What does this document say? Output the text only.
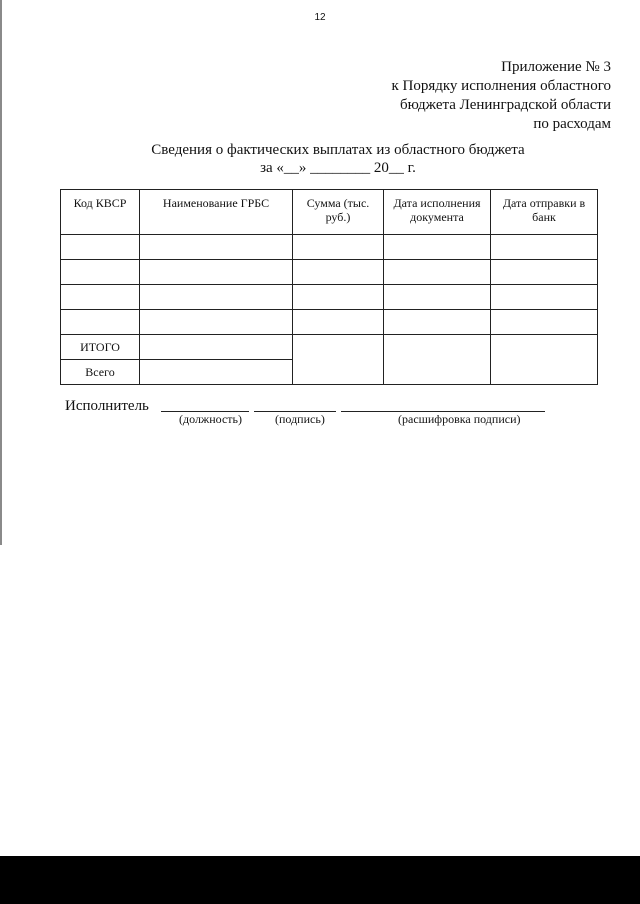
12
Приложение № 3
к Порядку исполнения областного
бюджета Ленинградской области
по расходам
Сведения о фактических выплатах из областного бюджета
за «__» ________ 20__ г.
Код КВСР	Наименование ГРБС	Сумма (тыс. руб.)	Дата исполнения документа	Дата отправки в банк

ИТОГО				
Всего				
Исполнитель
(должность)	(подпись)	(расшифровка подписи)
